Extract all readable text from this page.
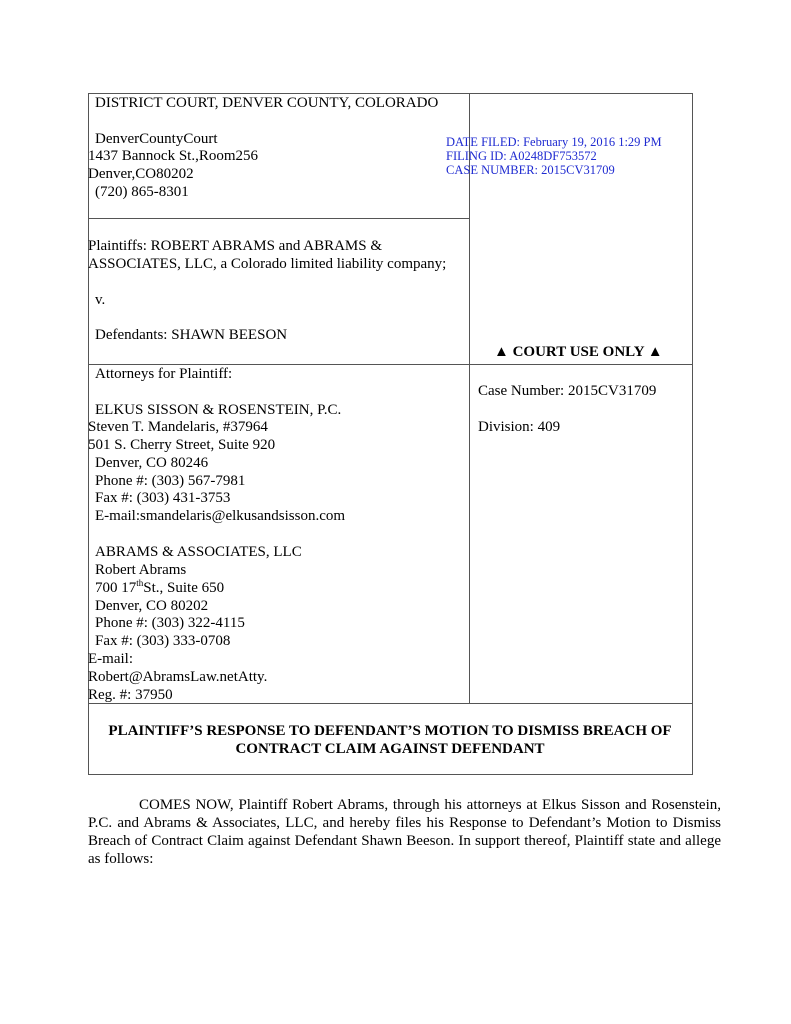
DISTRICT COURT, DENVER COUNTY, COLORADO
DenverCountyCourt
1437 Bannock St.,Room256
Denver,CO80202
(720) 865-8301
DATE FILED: February 19, 2016 1:29 PM
FILING ID: A0248DF753572
CASE NUMBER: 2015CV31709
Plaintiffs: ROBERT ABRAMS and ABRAMS &
ASSOCIATES, LLC, a Colorado limited liability company;
v.
Defendants: SHAWN BEESON
▲ COURT USE ONLY ▲
Attorneys for Plaintiff:
ELKUS SISSON & ROSENSTEIN, P.C.
Steven T. Mandelaris, #37964
501 S. Cherry Street, Suite 920
Denver, CO 80246
Phone #: (303) 567-7981
Fax #: (303) 431-3753
E-mail:smandelaris@elkusandsisson.com
ABRAMS & ASSOCIATES, LLC
Robert Abrams
700 17thSt., Suite 650
Denver, CO 80202
Phone #: (303) 322-4115
Fax #: (303) 333-0708
E-mail:
Robert@AbramsLaw.netAtty.
Reg. #: 37950
Case Number: 2015CV31709
Division: 409
PLAINTIFF’S RESPONSE TO DEFENDANT’S MOTION TO DISMISS BREACH OF
CONTRACT CLAIM AGAINST DEFENDANT
COMES NOW, Plaintiff Robert Abrams, through his attorneys at Elkus Sisson and Rosenstein, P.C. and Abrams & Associates, LLC, and hereby files his Response to Defendant’s Motion to Dismiss Breach of Contract Claim against Defendant Shawn Beeson. In support thereof, Plaintiff state and allege as follows:
